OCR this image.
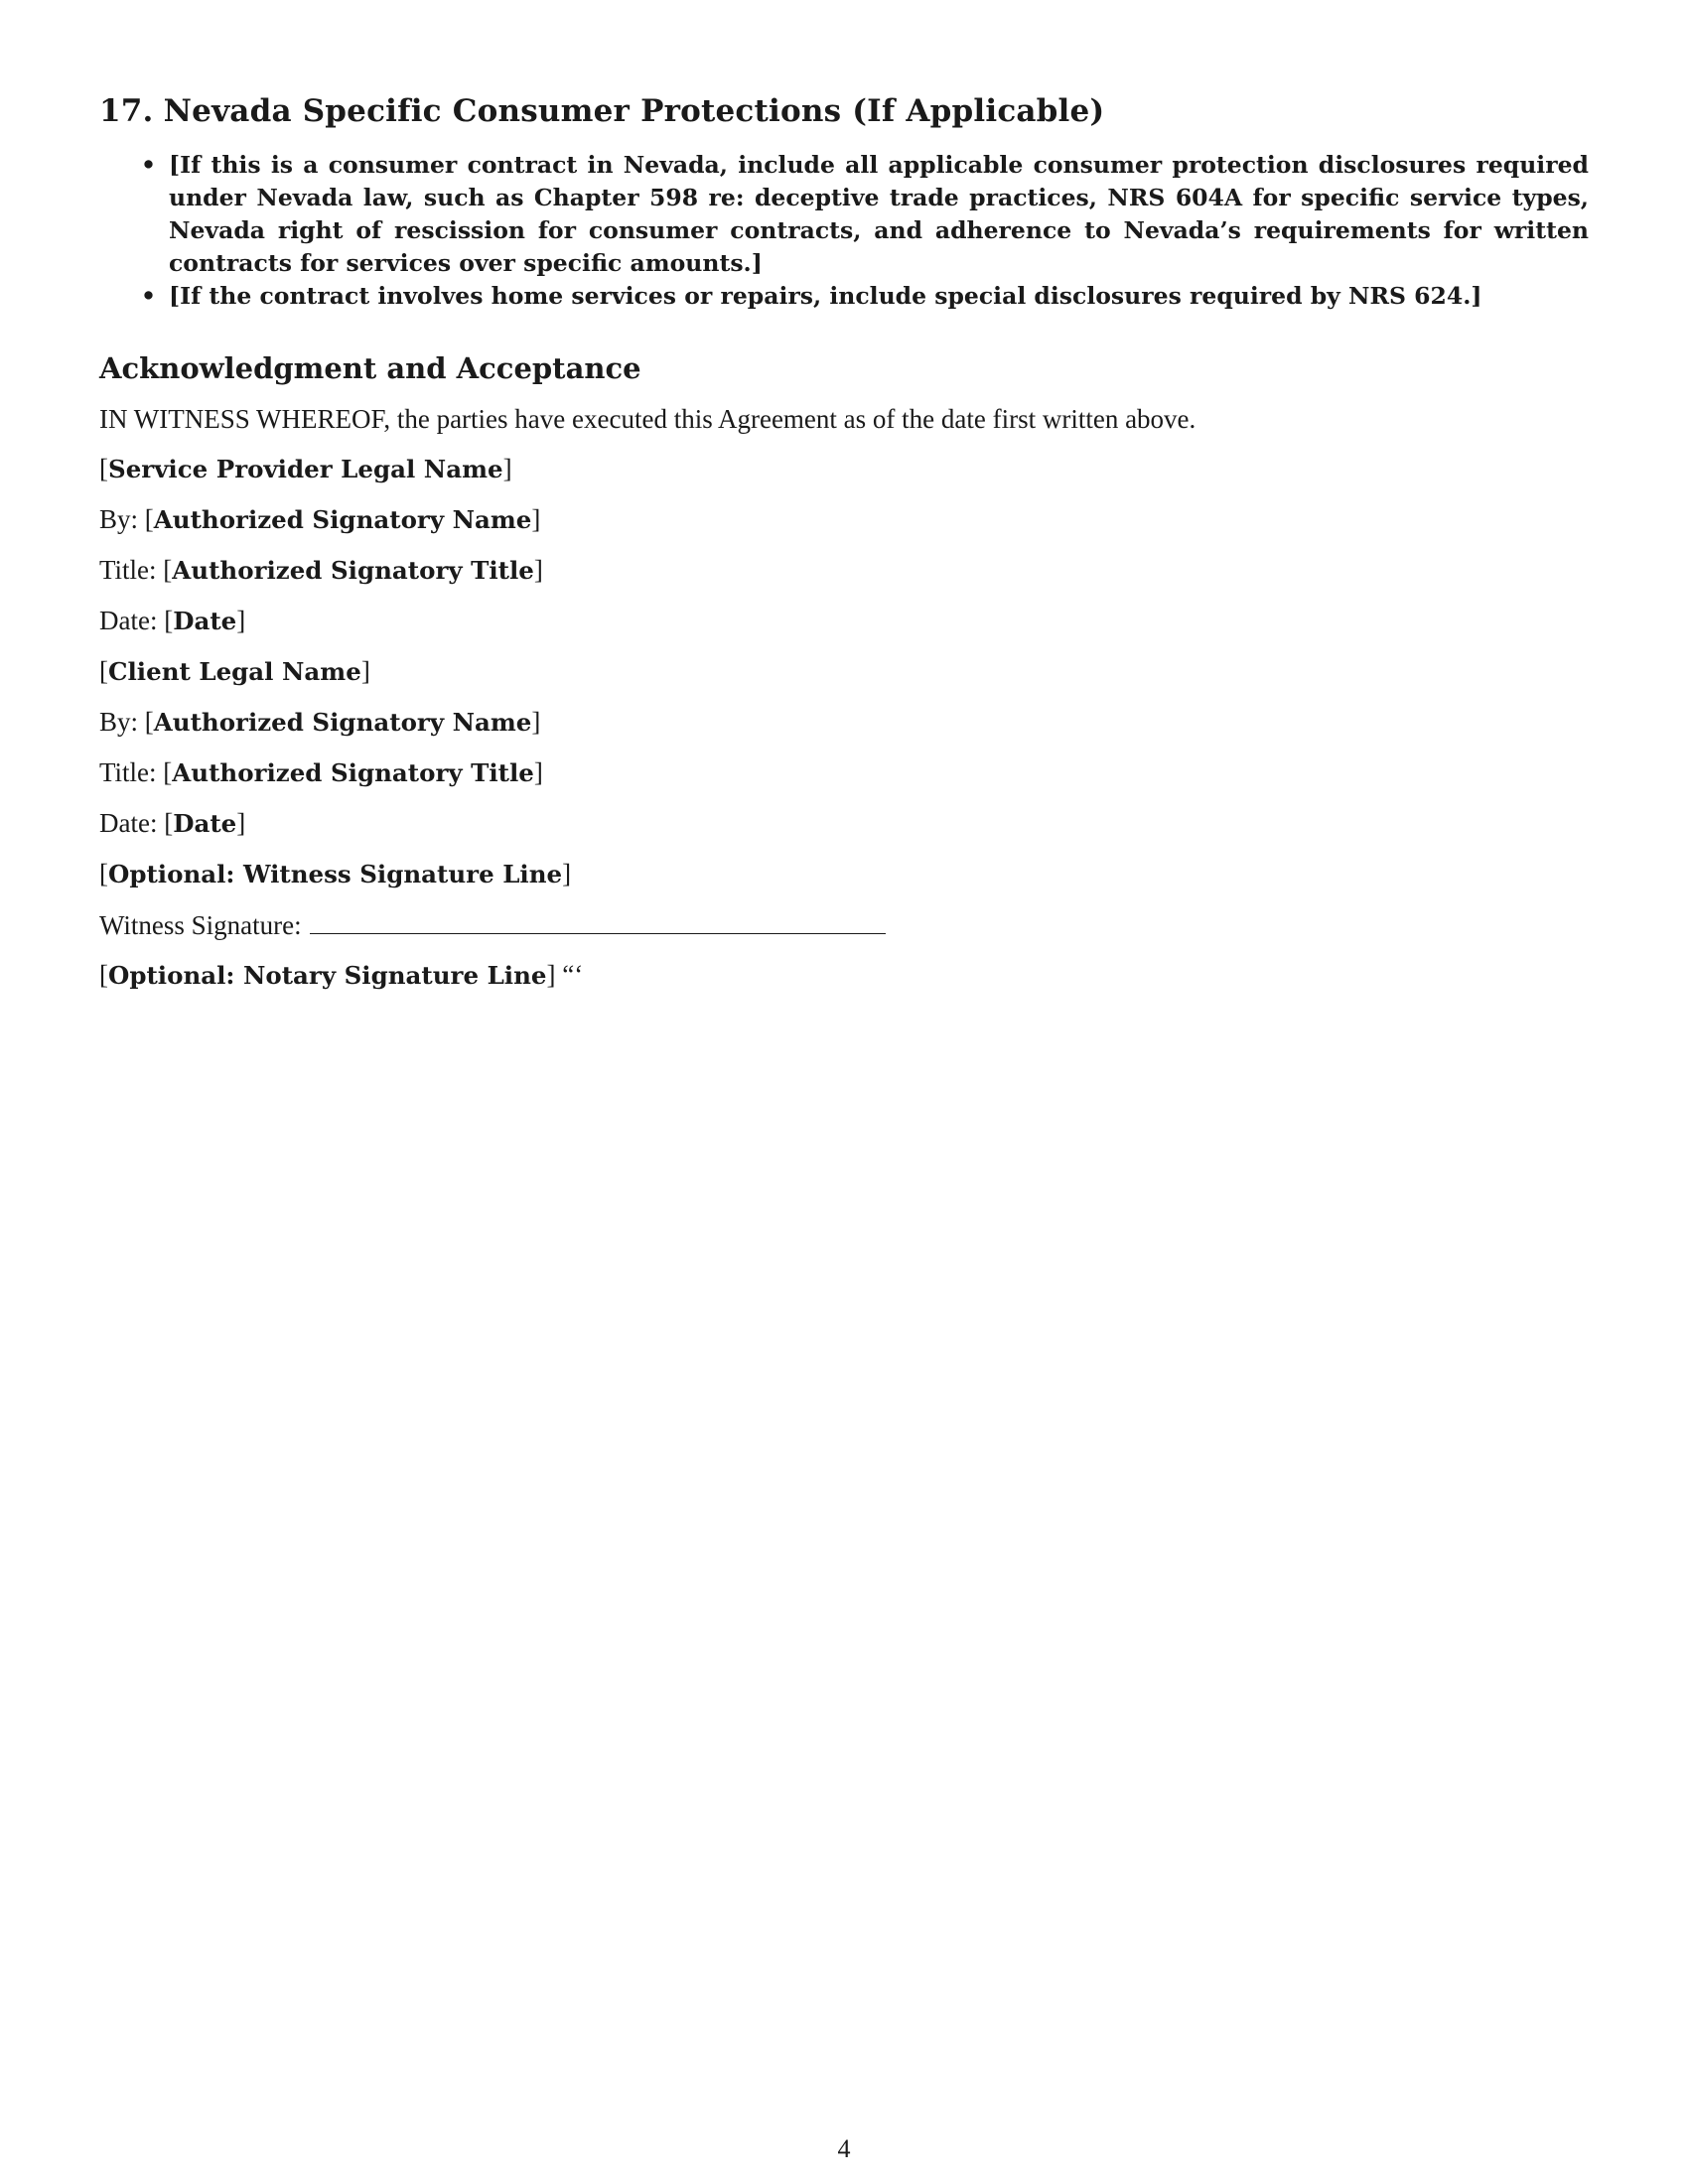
17. Nevada Specific Consumer Protections (If Applicable)
• [If this is a consumer contract in Nevada, include all applicable consumer protection disclosures required under Nevada law, such as Chapter 598 re: deceptive trade practices, NRS 604A for specific service types, Nevada right of rescission for consumer contracts, and adherence to Nevada’s requirements for written contracts for services over specific amounts.]
• [If the contract involves home services or repairs, include special disclosures required by NRS 624.]
Acknowledgment and Acceptance

IN WITNESS WHEREOF, the parties have executed this Agreement as of the date first written above.

[Service Provider Legal Name]

By: [Authorized Signatory Name]

Title: [Authorized Signatory Title]

Date: [Date]

[Client Legal Name]

By: [Authorized Signatory Name]

Title: [Authorized Signatory Title]

Date: [Date]

[Optional: Witness Signature Line]

Witness Signature:

[Optional: Notary Signature Line] “‘

4
